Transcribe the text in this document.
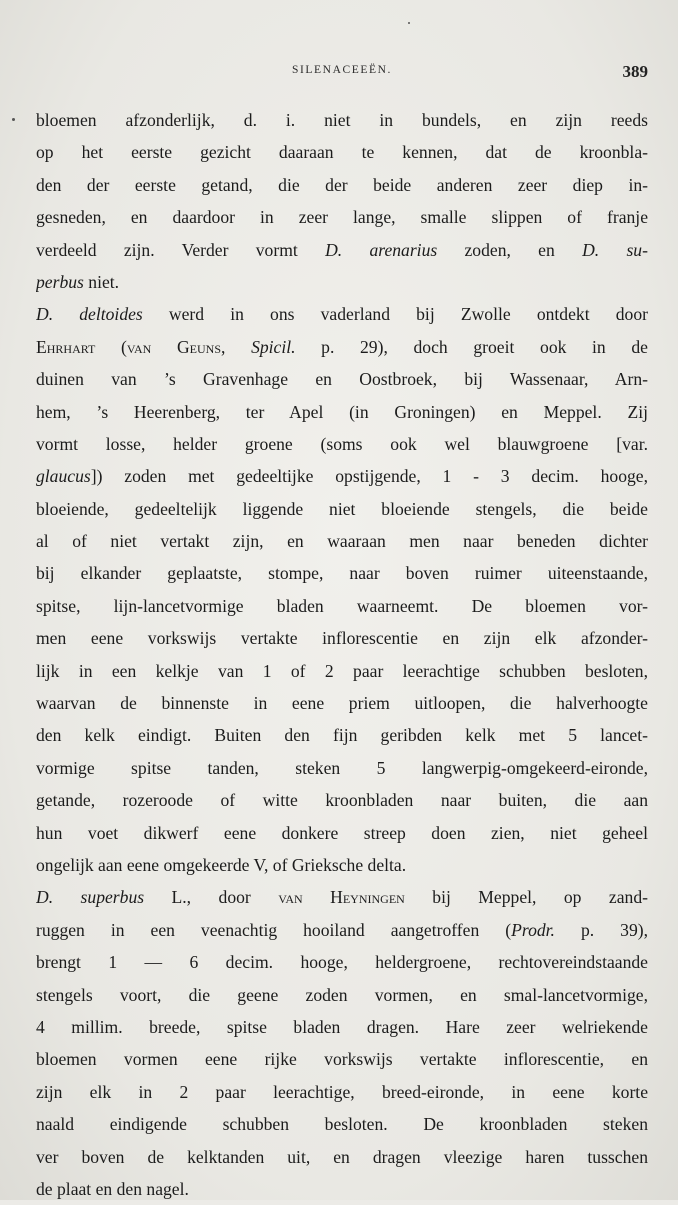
SILENACEEËN.	389
bloemen afzonderlijk, d. i. niet in bundels, en zijn reeds
op het eerste gezicht daaraan te kennen, dat de kroonbla-
den der eerste getand, die der beide anderen zeer diep in-
gesneden, en daardoor in zeer lange, smalle slippen of franje
verdeeld zijn. Verder vormt D. arenarius zoden, en D. su-
perbus niet.
D. deltoides werd in ons vaderland bij Zwolle ontdekt door
Ehrhart (van Geuns, Spicil. p. 29), doch groeit ook in de
duinen van ’s Gravenhage en Oostbroek, bij Wassenaar, Arn-
hem, ’s Heerenberg, ter Apel (in Groningen) en Meppel. Zij
vormt losse, helder groene (soms ook wel blauwgroene [var.
glaucus]) zoden met gedeeltijke opstijgende, 1 - 3 decim. hooge,
bloeiende, gedeeltelijk liggende niet bloeiende stengels, die beide
al of niet vertakt zijn, en waaraan men naar beneden dichter
bij elkander geplaatste, stompe, naar boven ruimer uiteenstaande,
spitse, lijn-lancetvormige bladen waarneemt. De bloemen vor-
men eene vorkswijs vertakte inflorescentie en zijn elk afzonder-
lijk in een kelkje van 1 of 2 paar leerachtige schubben besloten,
waarvan de binnenste in eene priem uitloopen, die halverhoogte
den kelk eindigt. Buiten den fijn geribden kelk met 5 lancet-
vormige spitse tanden, steken 5 langwerpig-omgekeerd-eironde,
getande, rozeroode of witte kroonbladen naar buiten, die aan
hun voet dikwerf eene donkere streep doen zien, niet geheel
ongelijk aan eene omgekeerde V, of Grieksche delta.
D. superbus L., door van Heyningen bij Meppel, op zand-
ruggen in een veenachtig hooiland aangetroffen (Prodr. p. 39),
brengt 1 — 6 decim. hooge, heldergroene, rechtovereindstaande
stengels voort, die geene zoden vormen, en smal-lancetvormige,
4 millim. breede, spitse bladen dragen. Hare zeer welriekende
bloemen vormen eene rijke vorkswijs vertakte inflorescentie, en
zijn elk in 2 paar leerachtige, breed-eironde, in eene korte
naald eindigende schubben besloten. De kroonbladen steken
ver boven de kelktanden uit, en dragen vleezige haren tusschen
de plaat en den nagel.
